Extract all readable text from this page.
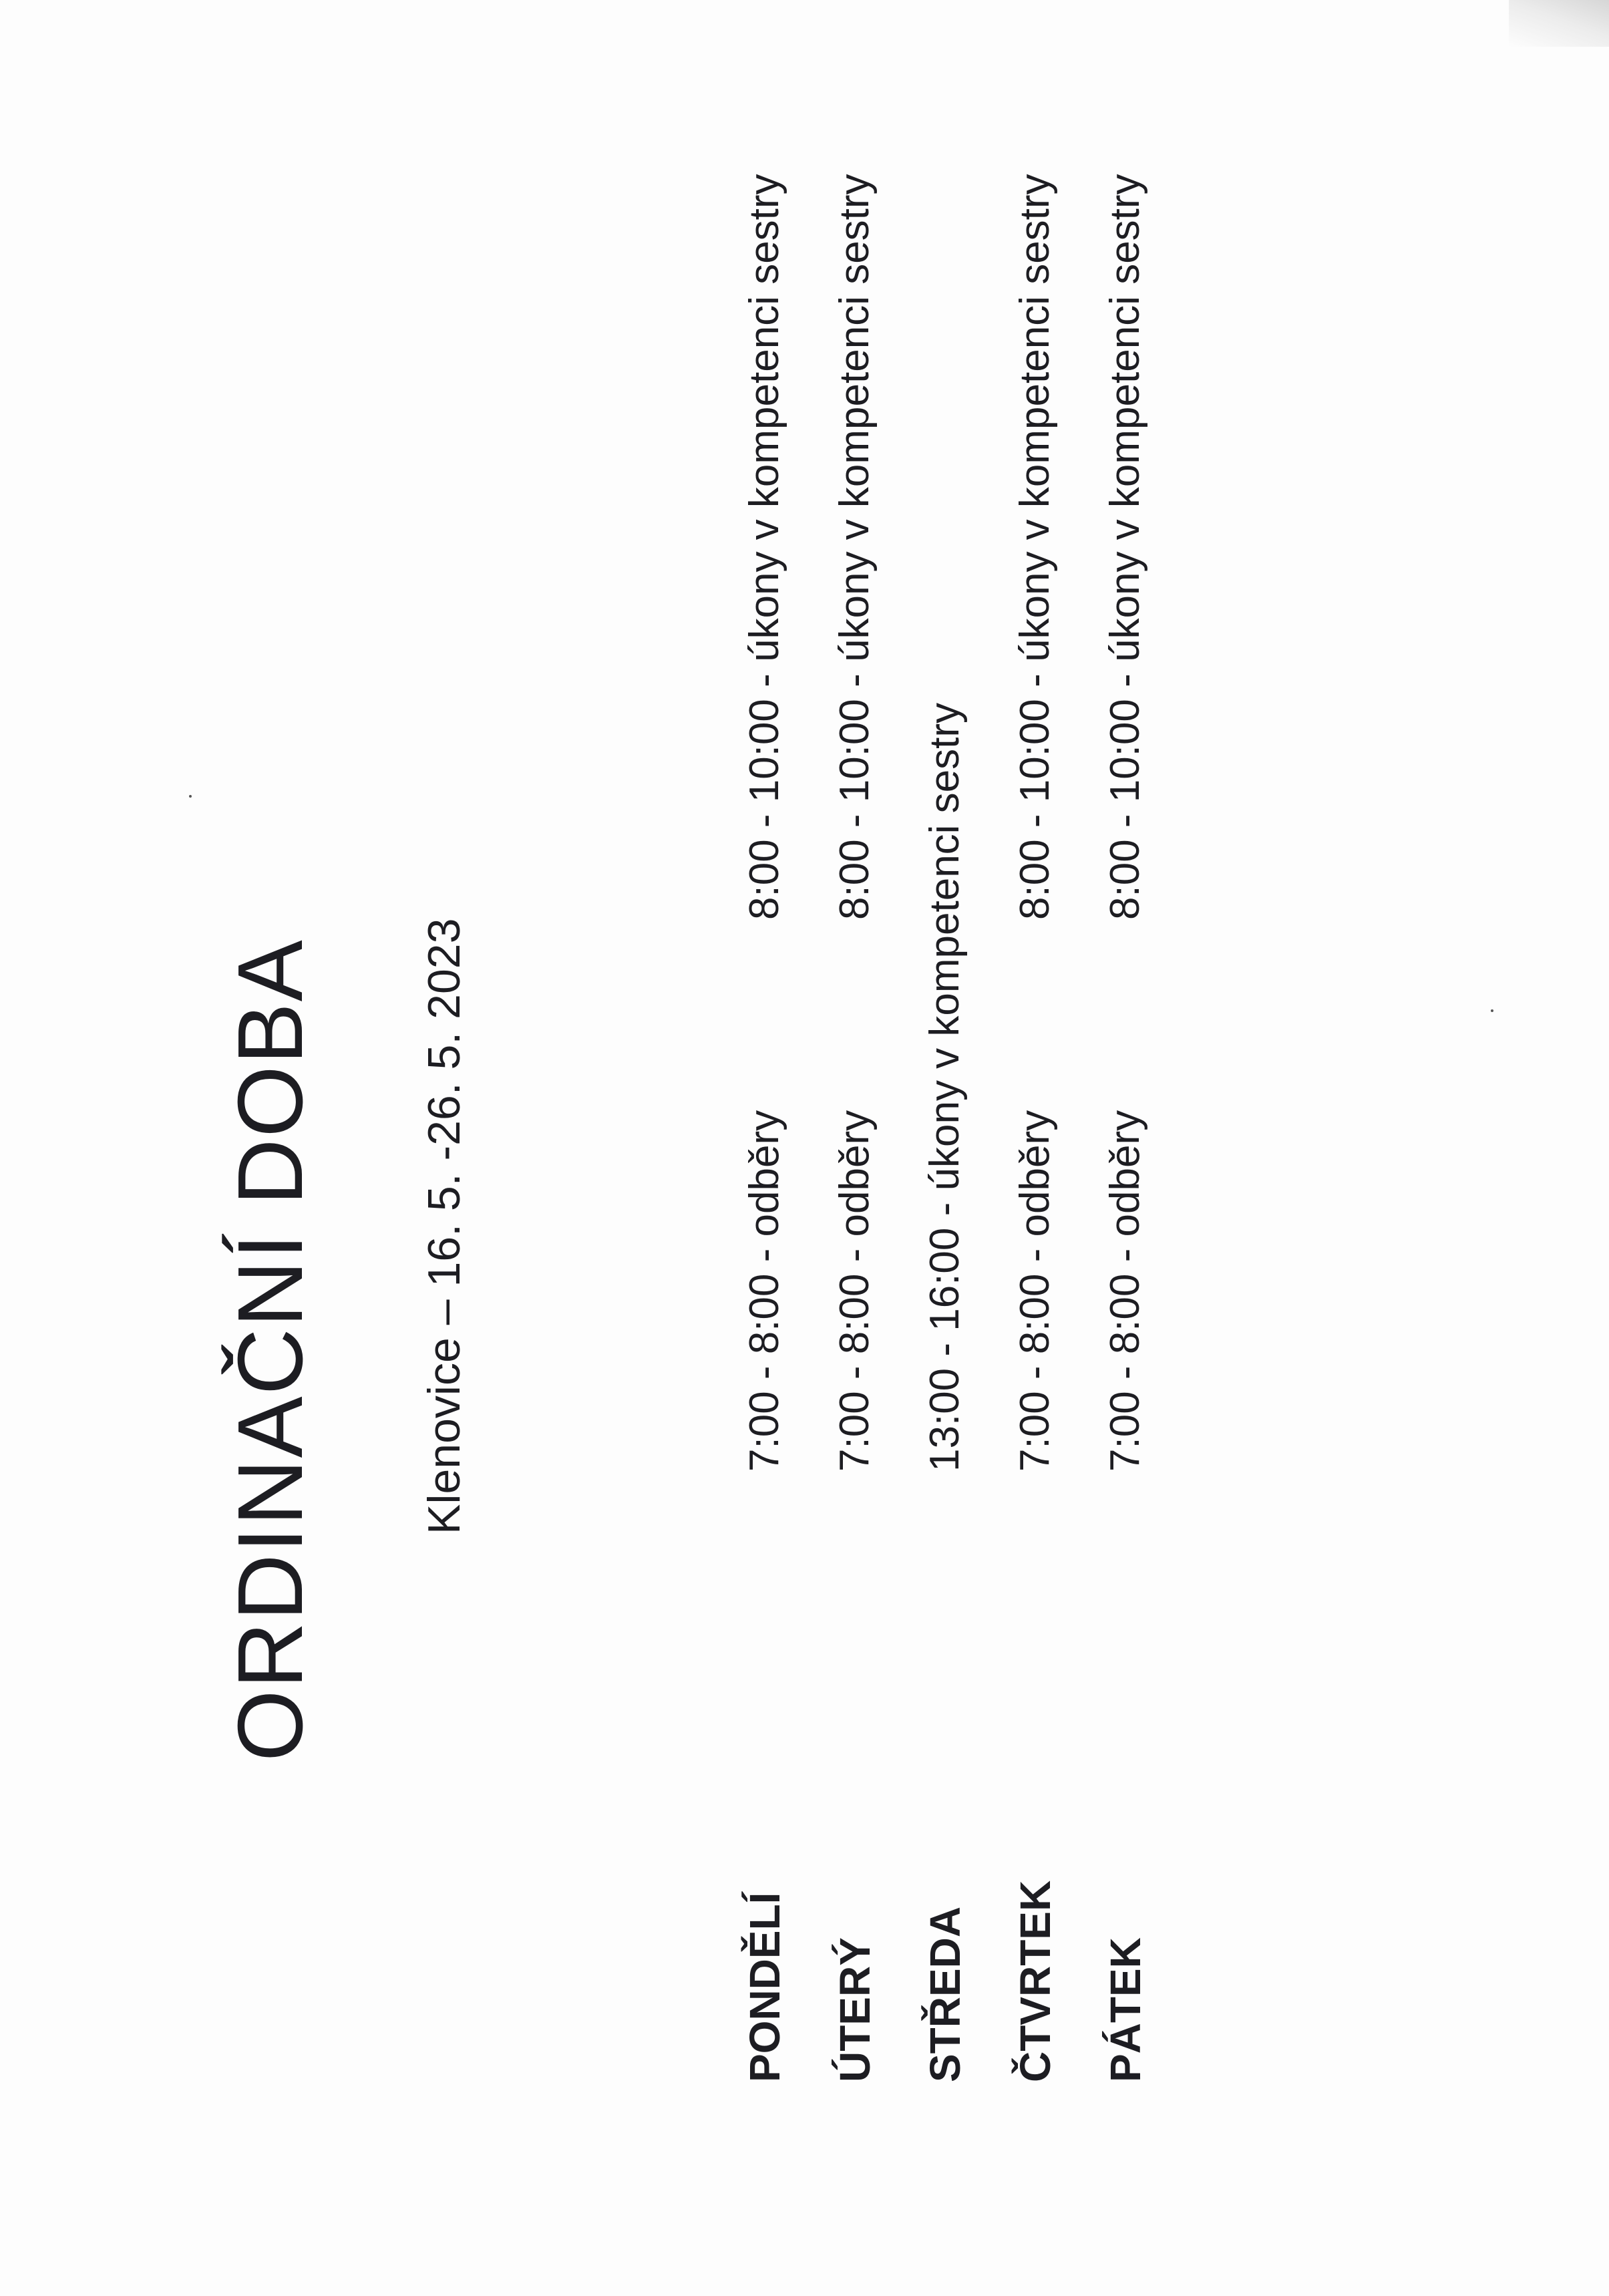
ORDINAČNÍ DOBA Klenovice – 16. 5. -26. 5. 2023
PONDĚLÍ
7:00 - 8:00 - odběry
8:00 - 10:00 - úkony v kompetenci sestry
ÚTERÝ
7:00 - 8:00 - odběry
8:00 - 10:00 - úkony v kompetenci sestry
STŘEDA
13:00 - 16:00 - úkony v kompetenci sestry
ČTVRTEK
7:00 - 8:00 - odběry
8:00 - 10:00 - úkony v kompetenci sestry
PÁTEK
7:00 - 8:00 - odběry
8:00 - 10:00 - úkony v kompetenci sestry
